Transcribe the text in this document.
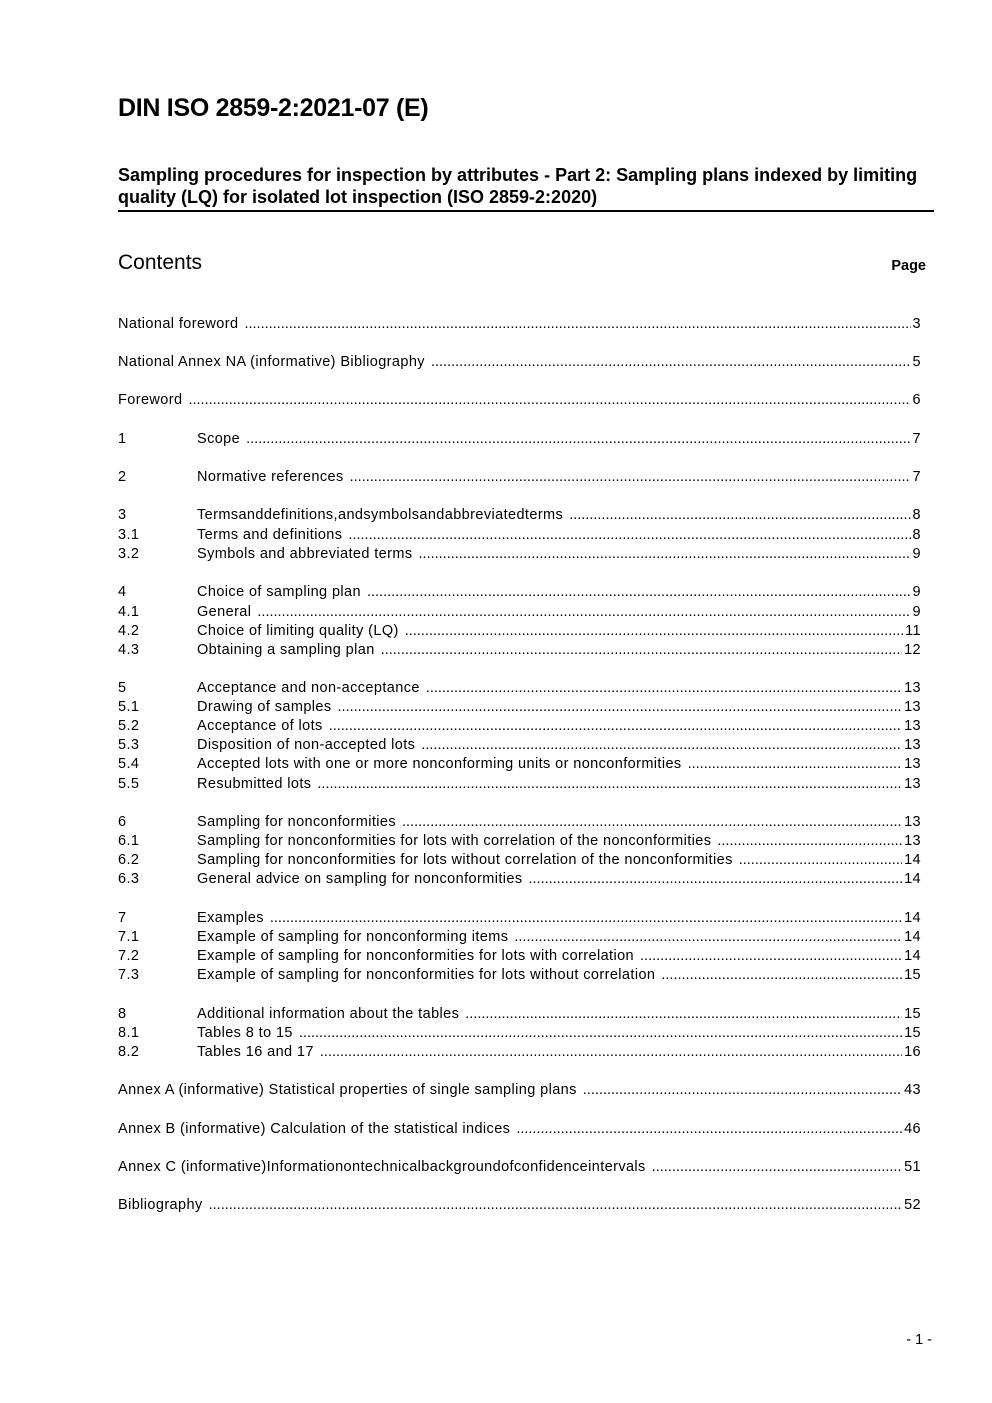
DIN ISO 2859-2:2021-07 (E)
Sampling procedures for inspection by attributes - Part 2: Sampling plans indexed by limiting quality (LQ) for isolated lot inspection (ISO 2859-2:2020)
Contents	Page
National foreword .....	3
National Annex NA (informative) Bibliography .....	5
Foreword .....	6
1	Scope .....	7
2	Normative references .....	7
3	Termsanddefinitions,andsymbolsandabbreviatedterms .....	8
3.1	Terms and definitions .....	8
3.2	Symbols and abbreviated terms .....	9
4	Choice of sampling plan .....	9
4.1	General .....	9
4.2	Choice of limiting quality (LQ) .....	11
4.3	Obtaining a sampling plan .....	12
5	Acceptance and non-acceptance .....	13
5.1	Drawing of samples .....	13
5.2	Acceptance of lots .....	13
5.3	Disposition of non-accepted lots .....	13
5.4	Accepted lots with one or more nonconforming units or nonconformities .....	13
5.5	Resubmitted lots .....	13
6	Sampling for nonconformities .....	13
6.1	Sampling for nonconformities for lots with correlation of the nonconformities .....	13
6.2	Sampling for nonconformities for lots without correlation of the nonconformities .....	14
6.3	General advice on sampling for nonconformities .....	14
7	Examples .....	14
7.1	Example of sampling for nonconforming items .....	14
7.2	Example of sampling for nonconformities for lots with correlation .....	14
7.3	Example of sampling for nonconformities for lots without correlation .....	15
8	Additional information about the tables .....	15
8.1	Tables 8 to 15 .....	15
8.2	Tables 16 and 17 .....	16
Annex A (informative) Statistical properties of single sampling plans .....	43
Annex B (informative) Calculation of the statistical indices .....	46
Annex C (informative)Informationontechnicalbackgroundofconfidenceintervals .....	51
Bibliography .....	52
- 1 -
